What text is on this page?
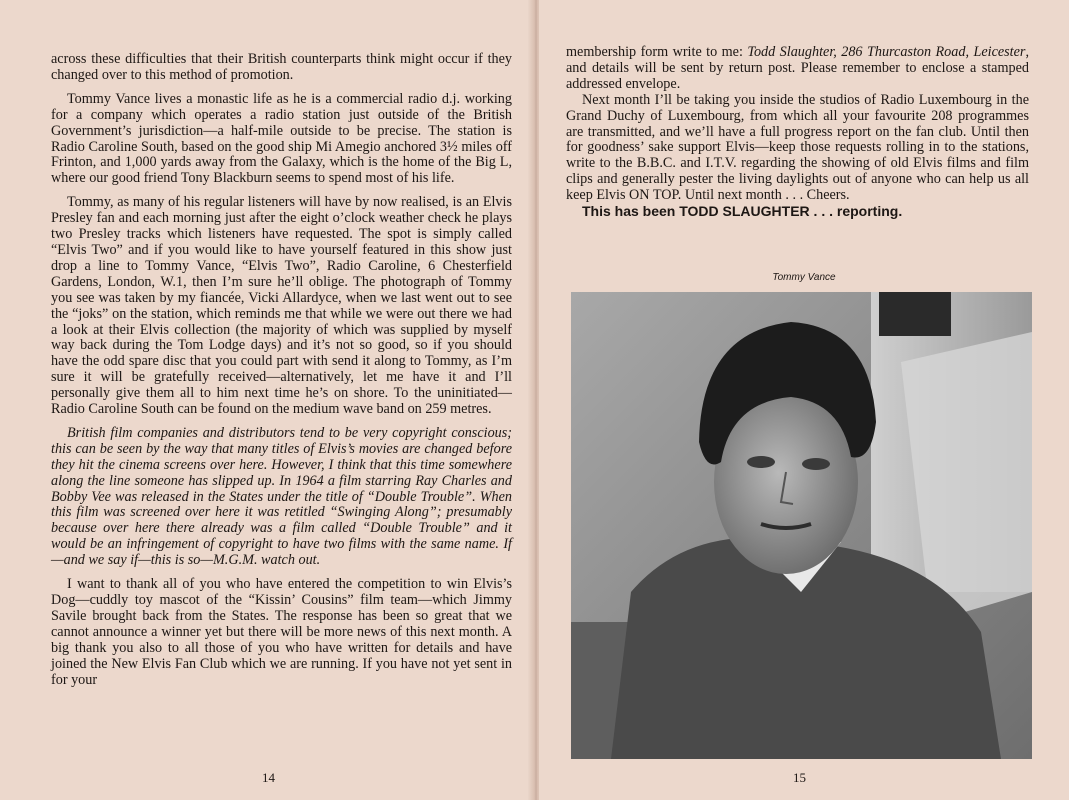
across these difficulties that their British counterparts think might occur if they changed over to this method of promotion.

Tommy Vance lives a monastic life as he is a commercial radio d.j. working for a company which operates a radio station just outside of the British Government’s jurisdiction—a half-mile outside to be precise. The station is Radio Caroline South, based on the good ship Mi Amegio anchored 3½ miles off Frinton, and 1,000 yards away from the Galaxy, which is the home of the Big L, where our good friend Tony Blackburn seems to spend most of his life.

Tommy, as many of his regular listeners will have by now realised, is an Elvis Presley fan and each morning just after the eight o’clock weather check he plays two Presley tracks which listeners have requested. The spot is simply called “Elvis Two” and if you would like to have yourself featured in this show just drop a line to Tommy Vance, “Elvis Two”, Radio Caroline, 6 Chesterfield Gardens, London, W.1, then I’m sure he’ll oblige. The photograph of Tommy you see was taken by my fiancée, Vicki Allardyce, when we last went out to see the “joks” on the station, which reminds me that while we were out there we had a look at their Elvis collection (the majority of which was supplied by myself way back during the Tom Lodge days) and it’s not so good, so if you should have the odd spare disc that you could part with send it along to Tommy, as I’m sure it will be gratefully received—alternatively, let me have it and I’ll personally give them all to him next time he’s on shore. To the uninitiated—Radio Caroline South can be found on the medium wave band on 259 metres.

British film companies and distributors tend to be very copyright conscious; this can be seen by the way that many titles of Elvis’s movies are changed before they hit the cinema screens over here. However, I think that this time somewhere along the line someone has slipped up. In 1964 a film starring Ray Charles and Bobby Vee was released in the States under the title of “Double Trouble”. When this film was screened over here it was retitled “Swinging Along”; presumably because over here there already was a film called “Double Trouble” and it would be an infringement of copyright to have two films with the same name. If—and we say if—this is so—M.G.M. watch out.

I want to thank all of you who have entered the competition to win Elvis’s Dog—cuddly toy mascot of the “Kissin’ Cousins” film team—which Jimmy Savile brought back from the States. The response has been so great that we cannot announce a winner yet but there will be more news of this next month. A big thank you also to all those of you who have written for details and have joined the New Elvis Fan Club which we are running. If you have not yet sent in for your

14

membership form write to me: Todd Slaughter, 286 Thurcaston Road, Leicester, and details will be sent by return post. Please remember to enclose a stamped addressed envelope.

Next month I’ll be taking you inside the studios of Radio Luxembourg in the Grand Duchy of Luxembourg, from which all your favourite 208 programmes are transmitted, and we’ll have a full progress report on the fan club. Until then for goodness’ sake support Elvis—keep those requests rolling in to the stations, write to the B.B.C. and I.T.V. regarding the showing of old Elvis films and film clips and generally pester the living daylights out of anyone who can help us all keep Elvis ON TOP. Until next month . . . Cheers.

This has been TODD SLAUGHTER . . . reporting.

Tommy Vance
15
